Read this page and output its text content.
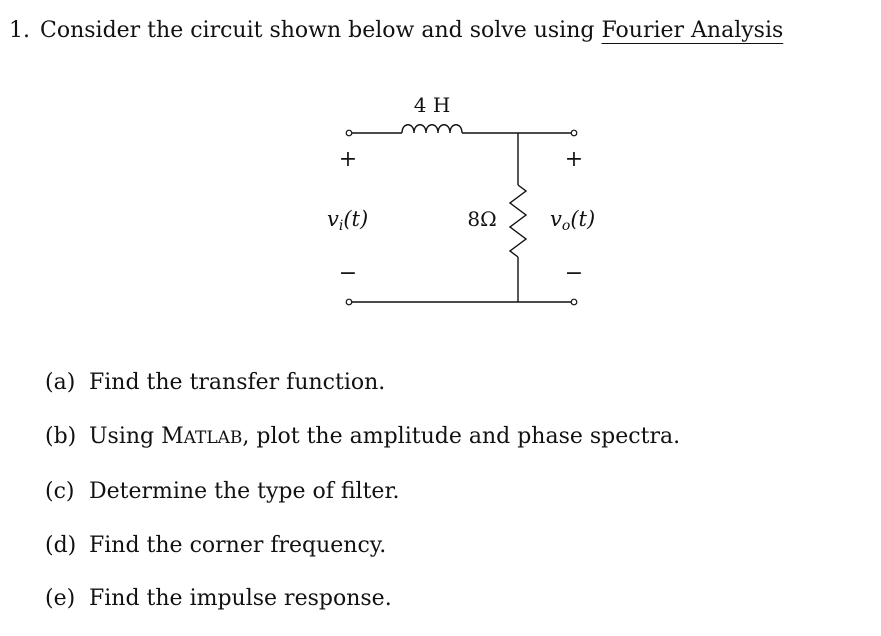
1. Consider the circuit shown below and solve using Fourier Analysis
4 H
+	+
−	−
8Ω
vi(t)	vo(t)
(a) Find the transfer function.
(b) Using MATLAB, plot the amplitude and phase spectra.
(c) Determine the type of filter.
(d) Find the corner frequency.
(e) Find the impulse response.
